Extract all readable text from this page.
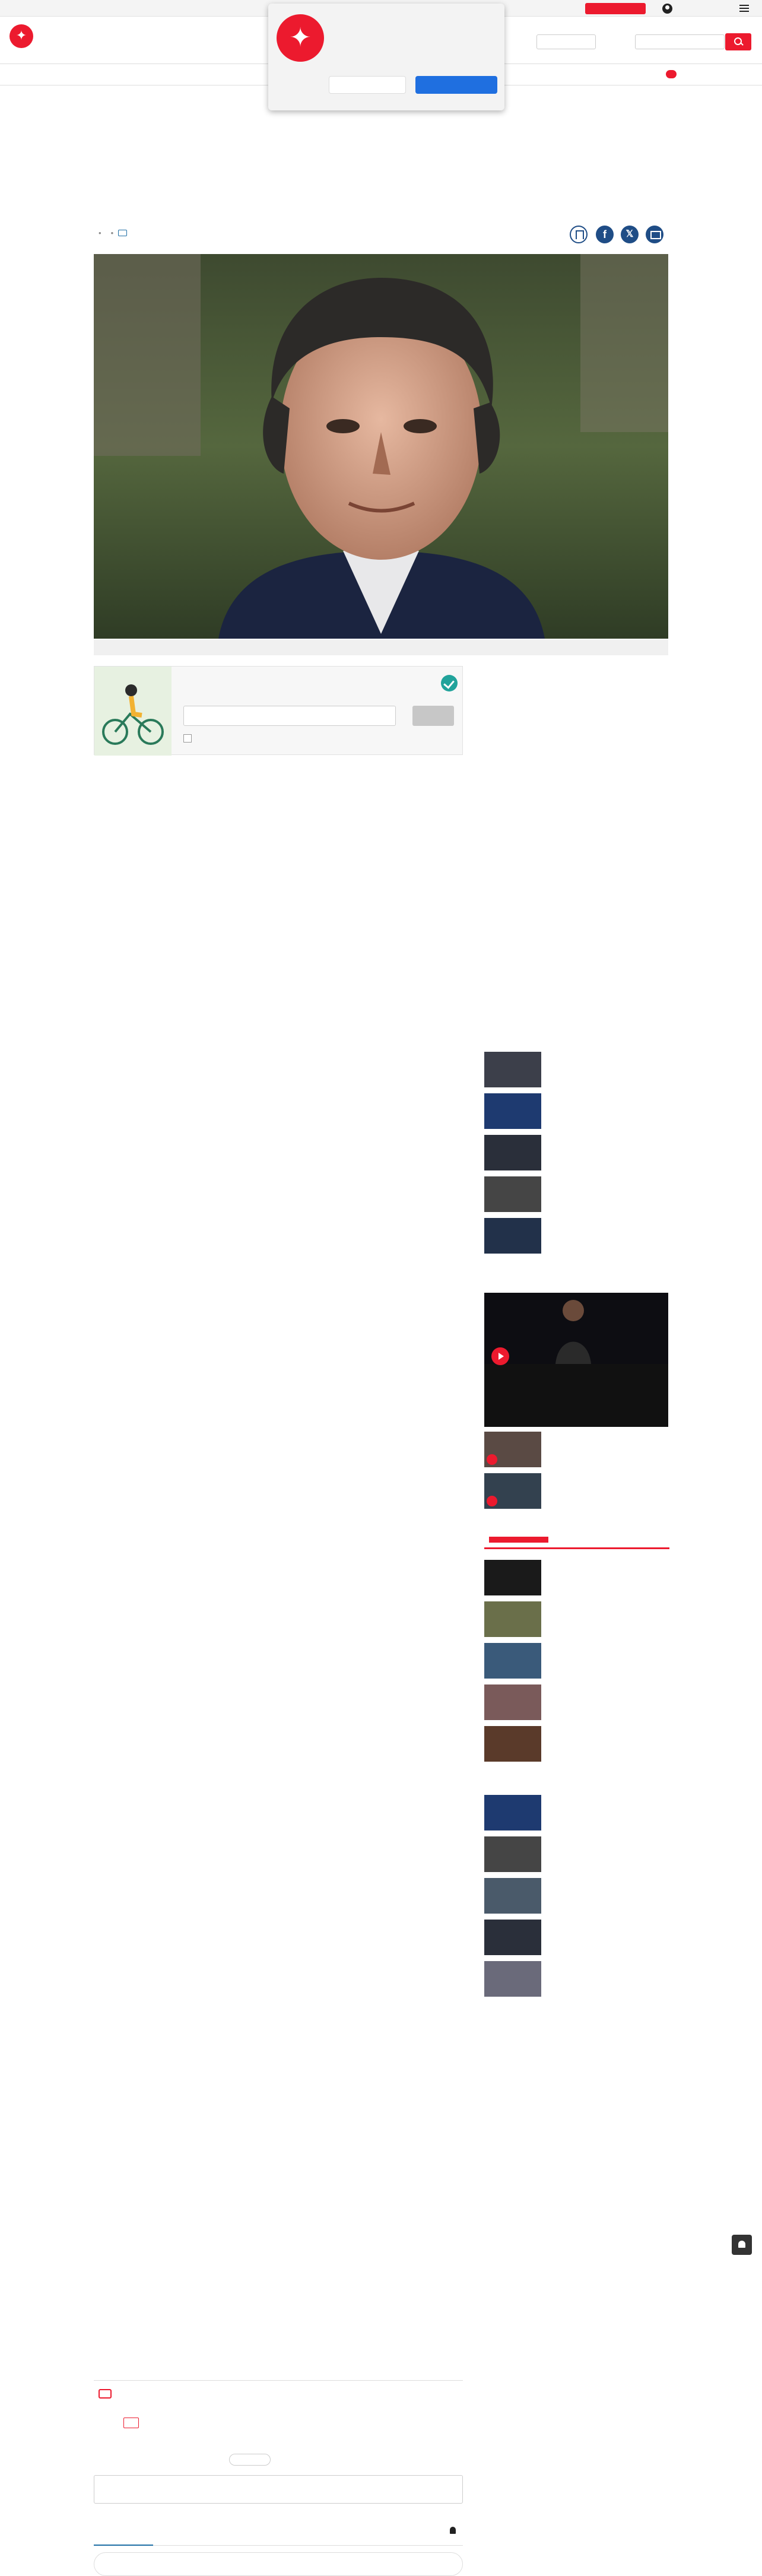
✦	✦
• •	f	𝕏
